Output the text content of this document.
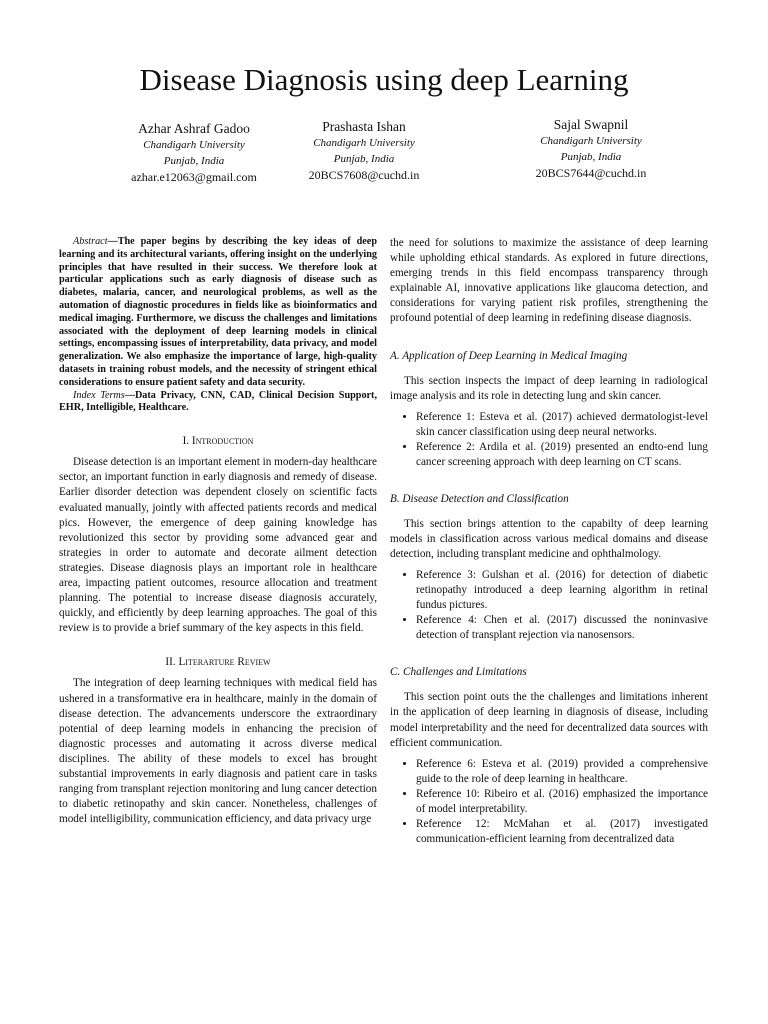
Disease Diagnosis using deep Learning
Azhar Ashraf Gadoo
Chandigarh University
Punjab, India
azhar.e12063@gmail.com
Prashasta Ishan
Chandigarh University
Punjab, India
20BCS7608@cuchd.in
Sajal Swapnil
Chandigarh University
Punjab, India
20BCS7644@cuchd.in

Abstract—The paper begins by describing the key ideas of deep learning and its architectural variants, offering insight on the underlying principles that have resulted in their success. We therefore look at particular applications such as early diagnosis of disease such as diabetes, malaria, cancer, and neurological problems, as well as the automation of diagnostic procedures in fields like as bioinformatics and medical imaging. Furthermore, we discuss the challenges and limitations associated with the deployment of deep learning models in clinical settings, encompassing issues of interpretability, data privacy, and model generalization. We also emphasize the importance of large, high-quality datasets in training robust models, and the necessity of stringent ethical considerations to ensure patient safety and data security.

Index Terms—Data Privacy, CNN, CAD, Clinical Decision Support, EHR, Intelligible, Healthcare.

I. Introduction

Disease detection is an important element in modern-day healthcare sector, an important function in early diagnosis and remedy of disease. Earlier disorder detection was dependent closely on scientific facts evaluated manually, jointly with affected patients records and medical pics. However, the emergence of deep gaining knowledge has revolutionized this sector by providing some advanced gear and strategies in order to automate and decorate ailment detection strategies. Disease diagnosis plays an important role in healthcare area, impacting patient outcomes, resource allocation and treatment planning. The potential to increase disease diagnosis accurately, quickly, and efficiently by deep learning approaches. The goal of this review is to provide a brief summary of the key aspects in this field.

II. Literarture Review

The integration of deep learning techniques with medical field has ushered in a transformative era in healthcare, mainly in the domain of disease detection. The advancements underscore the extraordinary potential of deep learning models in enhancing the precision of diagnostic processes and automating it across diverse medical disciplines. The ability of these models to excel has brought substantial improvements in early diagnosis and patient care in tasks ranging from transplant rejection monitoring and lung cancer detection to diabetic retinopathy and skin cancer. Nonetheless, challenges of model intelligibility, communication efficiency, and data privacy urge

the need for solutions to maximize the assistance of deep learning while upholding ethical standards. As explored in future directions, emerging trends in this field encompass transparency through explainable AI, innovative applications like glaucoma detection, and considerations for varying patient risk profiles, strengthening the profound potential of deep learning in redefining disease diagnosis.

A. Application of Deep Learning in Medical Imaging

This section inspects the impact of deep learning in radiological image analysis and its role in detecting lung and skin cancer.

• Reference 1: Esteva et al. (2017) achieved dermatologist-level skin cancer classification using deep neural networks.
• Reference 2: Ardila et al. (2019) presented an endto-end lung cancer screening approach with deep learning on CT scans.
B. Disease Detection and Classification

This section brings attention to the capabilty of deep learning models in classification across various medical domains and disease detection, including transplant medicine and ophthalmology.

• Reference 3: Gulshan et al. (2016) for detection of diabetic retinopathy introduced a deep learning algorithm in retinal fundus pictures.
• Reference 4: Chen et al. (2017) discussed the noninvasive detection of transplant rejection via nanosensors.
C. Challenges and Limitations

This section point outs the the challenges and limitations inherent in the application of deep learning in diagnosis of disease, including model interpretability and the need for decentralized data sources with efficient communication.

• Reference 6: Esteva et al. (2019) provided a comprehensive guide to the role of deep learning in healthcare.
• Reference 10: Ribeiro et al. (2016) emphasized the importance of model interpretability.
• Reference 12: McMahan et al. (2017) investigated communication-efficient learning from decentralized data
